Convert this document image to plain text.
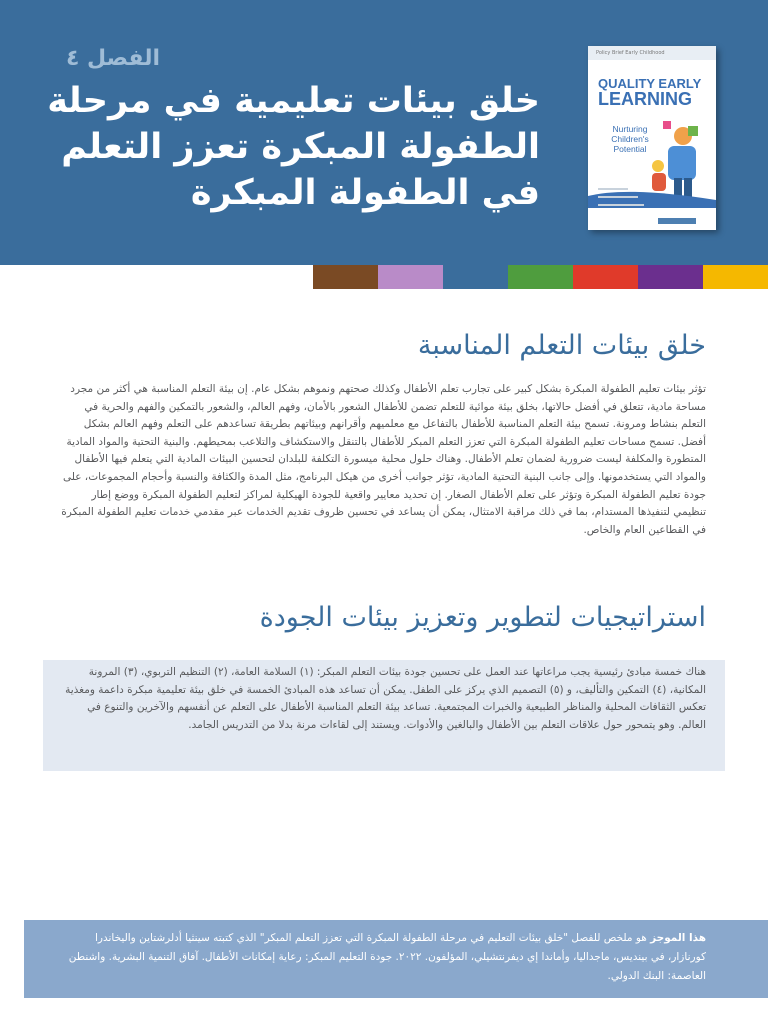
الفصل ٤
خلق بيئات تعليمية في مرحلة الطفولة المبكرة تعزز التعلم في الطفولة المبكرة
Policy Brief Early Childhood
QUALITY EARLY
LEARNING
Nurturing Children's Potential
خلق بيئات التعلم المناسبة
تؤثر بيئات تعليم الطفولة المبكرة بشكل كبير على تجارب تعلم الأطفال وكذلك صحتهم ونموهم بشكل عام. إن بيئة التعلم المناسبة هي أكثر من مجرد مساحة مادية، تتعلق في أفضل حالاتها، بخلق بيئة موائية للتعلم تضمن للأطفال الشعور بالأمان، وفهم العالم، والشعور بالتمكين والفهم والحرية في التعلم بنشاط ومرونة. تسمح بيئة التعلم المناسبة للأطفال بالتفاعل مع معلميهم وأقرانهم وبيئاتهم بطريقة تساعدهم على التعلم وفهم العالم بشكل أفضل. تسمح مساحات تعليم الطفولة المبكرة التي تعزز التعلم المبكر للأطفال بالتنقل والاستكشاف والتلاعب بمحيطهم. والبنية التحتية والمواد المادية المتطورة والمكلفة ليست ضرورية لضمان تعلم الأطفال. وهناك حلول محلية ميسورة التكلفة للبلدان لتحسين البيئات المادية التي يتعلم فيها الأطفال والمواد التي يستخدمونها. وإلى جانب البنية التحتية المادية، تؤثر جوانب أخرى من هيكل البرنامج، مثل المدة والكثافة والنسبة وأحجام المجموعات، على جودة تعليم الطفولة المبكرة وتؤثر على تعلم الأطفال الصغار. إن تحديد معايير واقعية للجودة الهيكلية لمراكز لتعليم الطفولة المبكرة ووضع إطار تنظيمي لتنفيذها المستدام، بما في ذلك مراقبة الامتثال، يمكن أن يساعد في تحسين ظروف تقديم الخدمات عبر مقدمي خدمات تعليم الطفولة المبكرة في القطاعين العام والخاص.
استراتيجيات لتطوير وتعزيز بيئات الجودة
هناك خمسة مبادئ رئيسية يجب مراعاتها عند العمل على تحسين جودة بيئات التعلم المبكر: (١) السلامة العامة، (٢) التنظيم التربوي، (٣) المرونة المكانية، (٤) التمكين والتأليف، و (٥) التصميم الذي يركز على الطفل. يمكن أن تساعد هذه المبادئ الخمسة في خلق بيئة تعليمية مبكرة داعمة ومغذية تعكس الثقافات المحلية والمناظر الطبيعية والخبرات المجتمعية. تساعد بيئة التعلم المناسبة الأطفال على التعلم عن أنفسهم والآخرين والتنوع في العالم. وهو يتمحور حول علاقات التعلم بين الأطفال والبالغين والأدوات. ويستند إلى لقاءات مرنة بدلا من التدريس الجامد.
هذا الموجز هو ملخص للفصل "خلق بيئات التعليم في مرحلة الطفولة المبكرة التي تعزز التعلم المبكر" الذي كتبته سينثيا أدلرشتاين واليخاندرا كورنازار، في بينديس، ماجداليا، وأماندا إي ديفرنتشيلي، المؤلفون. ٢٠٢٢. جودة التعليم المبكر: رعاية إمكانات الأطفال. آفاق التنمية البشرية. واشنطن العاصمة: البنك الدولي.
